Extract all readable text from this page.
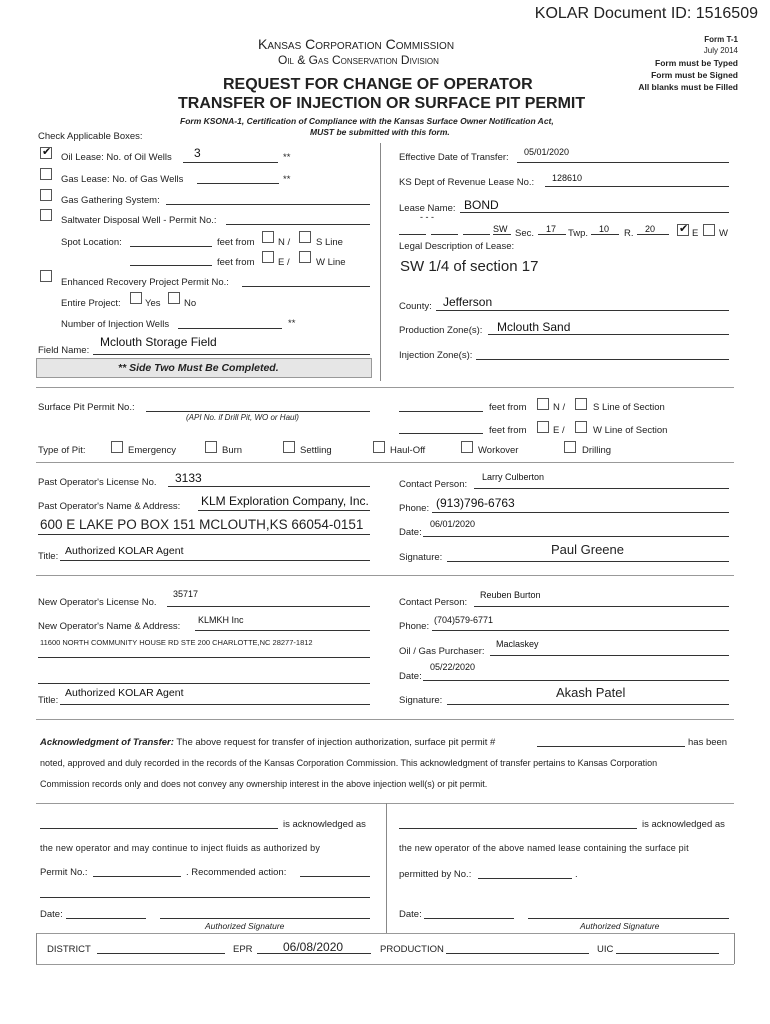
KOLAR Document ID: 1516509
Kansas Corporation Commission
Oil & Gas Conservation Division
Form T-1
July 2014
Form must be Typed
Form must be Signed
All blanks must be Filled
REQUEST FOR CHANGE OF OPERATOR
TRANSFER OF INJECTION OR SURFACE PIT PERMIT
Form KSONA-1, Certification of Compliance with the Kansas Surface Owner Notification Act,
MUST be submitted with this form.
Check Applicable Boxes:
✔
Oil Lease: No. of Oil Wells 3	**
Gas Lease: No. of Gas Wells	**
Gas Gathering System:
Saltwater Disposal Well - Permit No.:
Spot Location:	feet from N /	S Line
feet from E /	W Line
Enhanced Recovery Project Permit No.:
Entire Project:	Yes No
Number of Injection Wells	**
Field Name:
Mclouth Storage Field
** Side Two Must Be Completed.
Effective Date of Transfer: 05/01/2020
KS Dept of Revenue Lease No.: 128610
Lease Name: BOND
- - -
SW Sec. 17 Twp. 10 R. 20
✔	E W
Legal Description of Lease:
SW 1/4 of section 17
County: Jefferson
Production Zone(s): Mclouth Sand
Injection Zone(s):
Surface Pit Permit No.:
(API No. if Drill Pit, WO or Haul)
feet from	N /	S Line of Section
feet from	E /	W Line of Section
Type of Pit:	Emergency	Burn	Settling	Haul-Off	Workover	Drilling
Past Operator's License No. 3133
Past Operator's Name & Address: KLM Exploration Company, Inc.
600 E LAKE PO BOX 151 MCLOUTH,KS 66054-0151
Title: Authorized KOLAR Agent
Contact Person:
Larry Culberton
Phone: (913)796-6763
Date:
06/01/2020
Signature:
Paul Greene
New Operator's License No.
35717
New Operator's Name & Address:
KLMKH Inc
11600 NORTH COMMUNITY HOUSE RD STE 200 CHARLOTTE,NC 28277-1812
Title:
Authorized KOLAR Agent
Contact Person:
Reuben Burton
Phone:
(704)579-6771
Oil / Gas Purchaser:
Maclaskey
Date:
05/22/2020
Signature:
Akash Patel
Acknowledgment of Transfer: The above request for transfer of injection authorization, surface pit permit #	has been
noted, approved and duly recorded in the records of the Kansas Corporation Commission. This acknowledgment of transfer pertains to Kansas Corporation
Commission records only and does not convey any ownership interest in the above injection well(s) or pit permit.
is acknowledged as
the new operator and may continue to inject fluids as authorized by
Permit No.:	. Recommended action:
Date:
Authorized Signature
is acknowledged as
the new operator of the above named lease containing the surface pit
permitted by No.:	.
Date:
Authorized Signature
DISTRICT	EPR	06/08/2020	PRODUCTION	UIC
